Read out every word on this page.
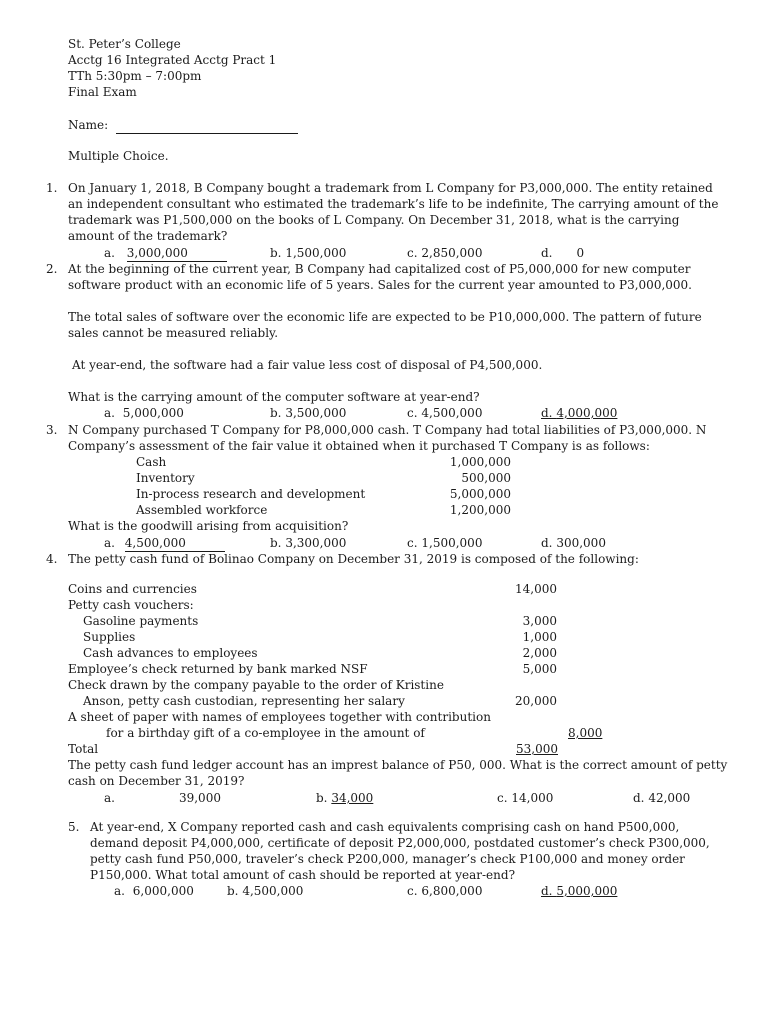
St. Peter’s College
Acctg 16 Integrated Acctg Pract 1
TTh 5:30pm – 7:00pm
Final Exam
Name:
Multiple Choice.
1. On January 1, 2018, B Company bought a trademark from L Company for P3,000,000. The entity retained
an independent consultant who estimated the trademark’s life to be indefinite, The carrying amount of the
trademark was P1,500,000 on the books of L Company. On December 31, 2018, what is the carrying
amount of the trademark?
a. 3,000,000	b. 1,500,000	c. 2,850,000	d. 0
2. At the beginning of the current year, B Company had capitalized cost of P5,000,000 for new computer
software product with an economic life of 5 years. Sales for the current year amounted to P3,000,000.
The total sales of software over the economic life are expected to be P10,000,000. The pattern of future
sales cannot be measured reliably.
At year-end, the software had a fair value less cost of disposal of P4,500,000.
What is the carrying amount of the computer software at year-end?
a. 5,000,000	b. 3,500,000	c. 4,500,000	d. 4,000,000
3. N Company purchased T Company for P8,000,000 cash. T Company had total liabilities of P3,000,000. N
Company’s assessment of the fair value it obtained when it purchased T Company is as follows:
Cash	1,000,000
Inventory	500,000
In-process research and development	5,000,000
Assembled workforce	1,200,000
What is the goodwill arising from acquisition?
a. 4,500,000	b. 3,300,000	c. 1,500,000	d. 300,000
4. The petty cash fund of Bolinao Company on December 31, 2019 is composed of the following:
Coins and currencies	14,000
Petty cash vouchers:
Gasoline payments	3,000
Supplies	1,000
Cash advances to employees	2,000
Employee’s check returned by bank marked NSF	5,000
Check drawn by the company payable to the order of Kristine
Anson, petty cash custodian, representing her salary	20,000
A sheet of paper with names of employees together with contribution
for a birthday gift of a co-employee in the amount of	8,000
Total	53,000
The petty cash fund ledger account has an imprest balance of P50, 000. What is the correct amount of petty
cash on December 31, 2019?
a.	39,000	b. 34,000	c. 14,000	d. 42,000
5. At year-end, X Company reported cash and cash equivalents comprising cash on hand P500,000,
demand deposit P4,000,000, certificate of deposit P2,000,000, postdated customer’s check P300,000,
petty cash fund P50,000, traveler’s check P200,000, manager’s check P100,000 and money order
P150,000. What total amount of cash should be reported at year-end?
a. 6,000,000	b. 4,500,000	c. 6,800,000	d. 5,000,000
